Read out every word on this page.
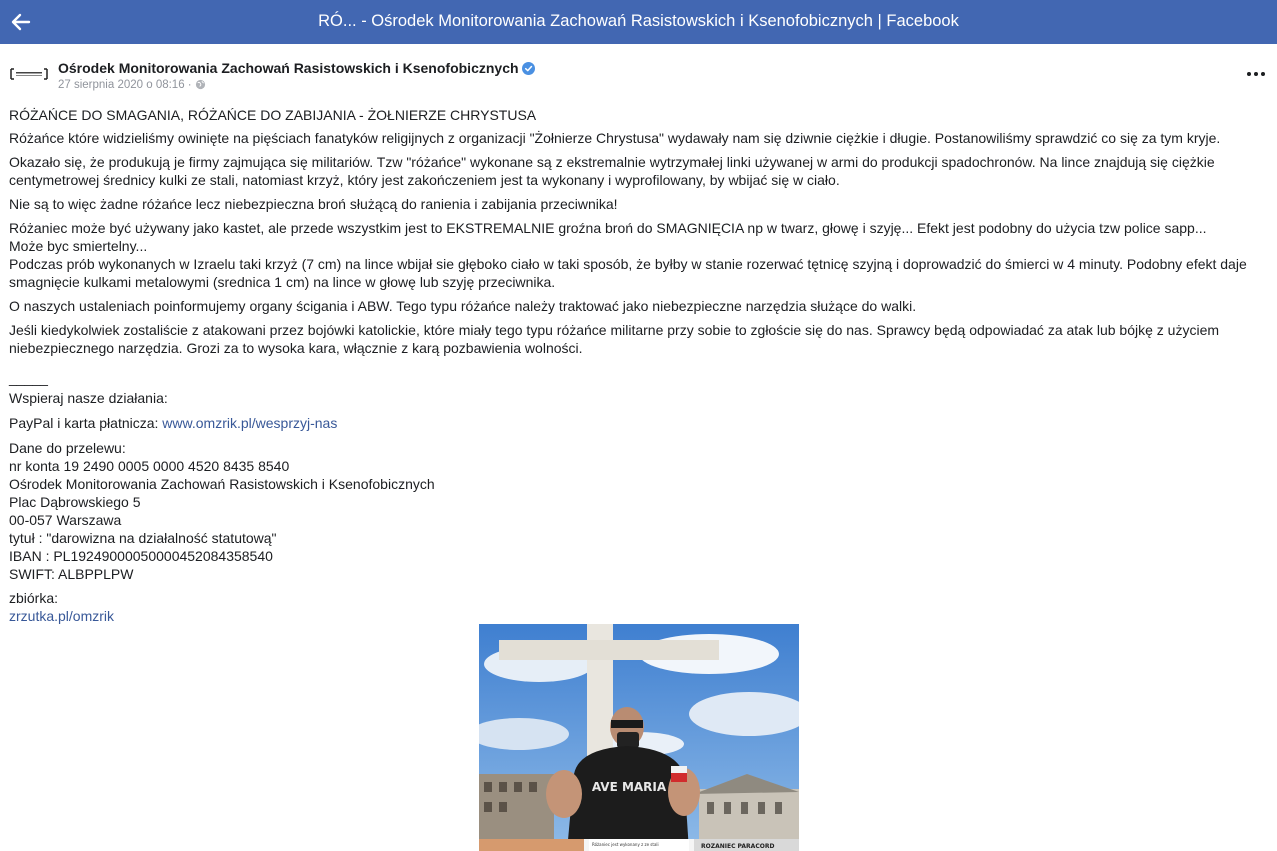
RÓ... - Ośrodek Monitorowania Zachowań Rasistowskich i Ksenofobicznych | Facebook
Ośrodek Monitorowania Zachowań Rasistowskich i Ksenofobicznych
27 sierpnia 2020 o 08:16 ·

RÓŻAŃCE DO SMAGANIA, RÓŻAŃCE DO ZABIJANIA - ŻOŁNIERZE CHRYSTUSA

Różańce które widzieliśmy owinięte na pięściach fanatyków religijnych z organizacji "Żołnierze Chrystusa" wydawały nam się dziwnie ciężkie i długie. Postanowiliśmy sprawdzić co się za tym kryje.

Okazało się, że produkują je firmy zajmująca się militariów. Tzw "różańce" wykonane są z ekstremalnie wytrzymałej linki używanej w armi do produkcji spadochronów. Na lince znajdują się ciężkie centymetrowej średnicy kulki ze stali, natomiast krzyż, który jest zakończeniem jest ta wykonany i wyprofilowany, by wbijać się w ciało.

Nie są to więc żadne różańce lecz niebezpieczna broń służącą do ranienia i zabijania przeciwnika!

Różaniec może być używany jako kastet, ale przede wszystkim jest to EKSTREMALNIE groźna broń do SMAGNIĘCIA np w twarz, głowę i szyję... Efekt jest podobny do użycia tzw police sapp...
Może byc smiertelny...
Podczas prób wykonanych w Izraelu taki krzyż (7 cm) na lince wbijał sie głęboko ciało w taki sposób, że byłby w stanie rozerwać tętnicę szyjną i doprowadzić do śmierci w 4 minuty. Podobny efekt daje smagnięcie kulkami metalowymi (srednica 1 cm) na lince w głowę lub szyję przeciwnika.

O naszych ustaleniach poinformujemy organy ścigania i ABW. Tego typu różańce należy traktować jako niebezpieczne narzędzia służące do walki.

Jeśli kiedykolwiek zostaliście z atakowani przez bojówki katolickie, które miały tego typu różańce militarne przy sobie to zgłoście się do nas. Sprawcy będą odpowiadać za atak lub bójkę z użyciem niebezpiecznego narzędzia. Grozi za to wysoka kara, włącznie z karą pozbawienia wolności.

_____

Wspieraj nasze działania:

PayPal i karta płatnicza: www.omzrik.pl/wesprzyj-nas

Dane do przelewu:
nr konta 19 2490 0005 0000 4520 8435 8540
Ośrodek Monitorowania Zachowań Rasistowskich i Ksenofobicznych
Plac Dąbrowskiego 5
00-057 Warszawa
tytuł : "darowizna na działalność statutową"
IBAN : PL19249000050000452084358540
SWIFT: ALBPPLPW
zbiórka:
zrzutka.pl/omzrik
AVE MARIA
Różaniec jest wykonany z ze stali	ROZANIEC PARACORD
